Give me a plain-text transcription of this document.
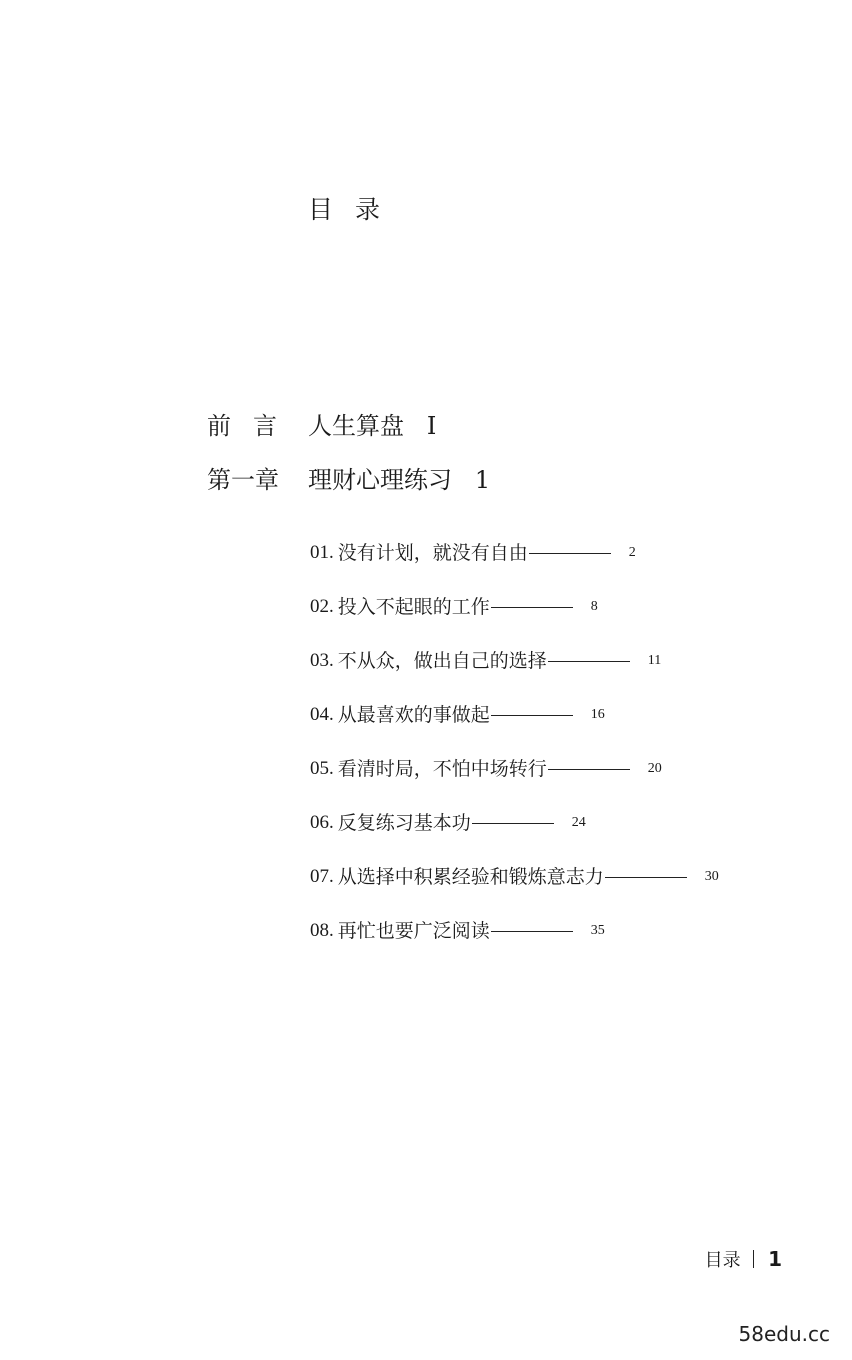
目录
前言 人生算盘 I
第一章 理财心理练习 1
01. 没有计划，就没有自由	2
02. 投入不起眼的工作	8
03. 不从众，做出自己的选择	11
04. 从最喜欢的事做起	16
05. 看清时局，不怕中场转行	20
06. 反复练习基本功	24
07. 从选择中积累经验和锻炼意志力	30
08. 再忙也要广泛阅读	35
目录 1
58edu.cc
